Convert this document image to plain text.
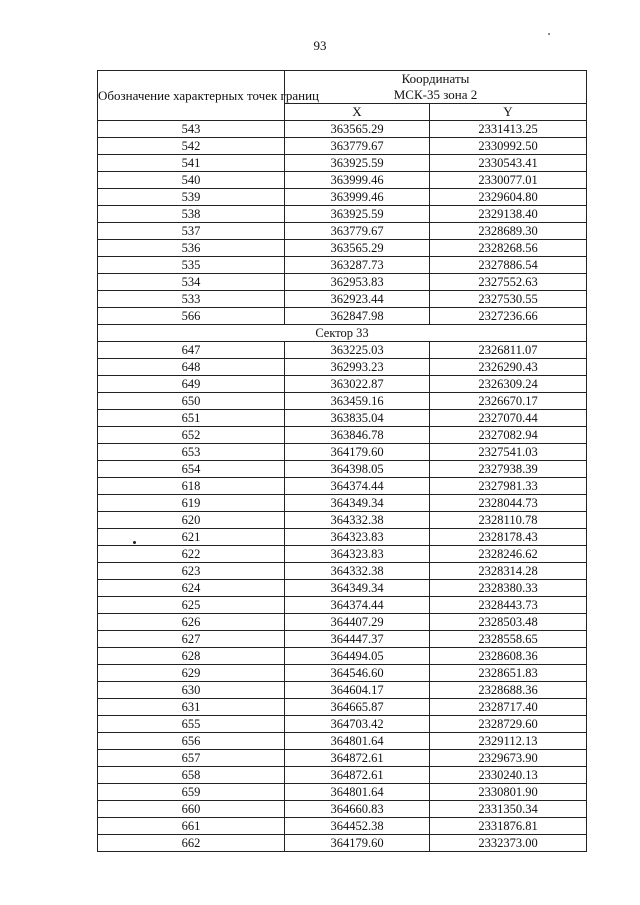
93
Обозначение характерных точек границ	Координаты
МСК-35 зона 2	
	X	Y
543	363565.29	2331413.25
542	363779.67	2330992.50
541	363925.59	2330543.41
540	363999.46	2330077.01
539	363999.46	2329604.80
538	363925.59	2329138.40
537	363779.67	2328689.30
536	363565.29	2328268.56
535	363287.73	2327886.54
534	362953.83	2327552.63
533	362923.44	2327530.55
566	362847.98	2327236.66
Сектор 33		
647	363225.03	2326811.07
648	362993.23	2326290.43
649	363022.87	2326309.24
650	363459.16	2326670.17
651	363835.04	2327070.44
652	363846.78	2327082.94
653	364179.60	2327541.03
654	364398.05	2327938.39
618	364374.44	2327981.33
619	364349.34	2328044.73
620	364332.38	2328110.78
621	364323.83	2328178.43
622	364323.83	2328246.62
623	364332.38	2328314.28
624	364349.34	2328380.33
625	364374.44	2328443.73
626	364407.29	2328503.48
627	364447.37	2328558.65
628	364494.05	2328608.36
629	364546.60	2328651.83
630	364604.17	2328688.36
631	364665.87	2328717.40
655	364703.42	2328729.60
656	364801.64	2329112.13
657	364872.61	2329673.90
658	364872.61	2330240.13
659	364801.64	2330801.90
660	364660.83	2331350.34
661	364452.38	2331876.81
662	364179.60	2332373.00
